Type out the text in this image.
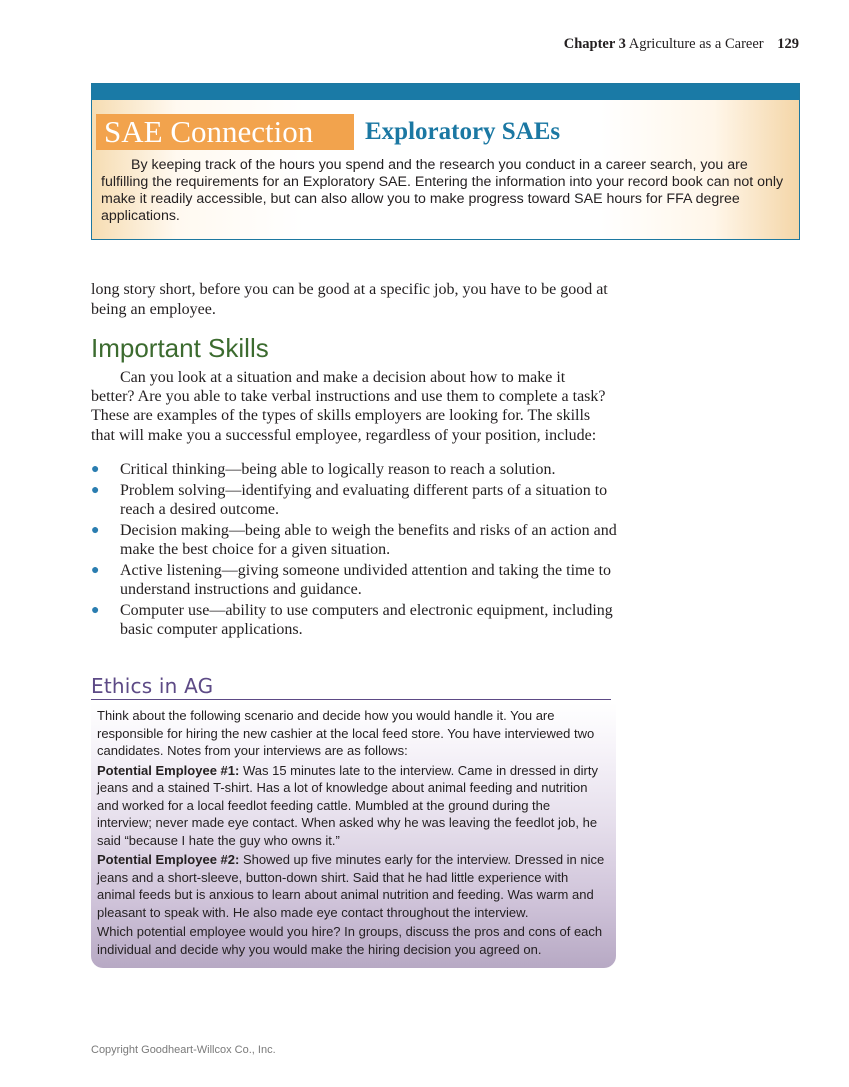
Chapter 3 Agriculture as a Career 129
SAE Connection	Exploratory SAEs

By keeping track of the hours you spend and the research you conduct in a career search, you are fulfilling the requirements for an Exploratory SAE. Entering the information into your record book can not only make it readily accessible, but can also allow you to make progress toward SAE hours for FFA degree applications.

long story short, before you can be good at a specific job, you have to be good at being an employee.

Important Skills

Can you look at a situation and make a decision about how to make it better? Are you able to take verbal instructions and use them to complete a task? These are examples of the types of skills employers are looking for. The skills that will make you a successful employee, regardless of your position, include:

● Critical thinking—being able to logically reason to reach a solution.
● Problem solving—identifying and evaluating different parts of a situation to reach a desired outcome.
● Decision making—being able to weigh the benefits and risks of an action and make the best choice for a given situation.
● Active listening—giving someone undivided attention and taking the time to understand instructions and guidance.
● Computer use—ability to use computers and electronic equipment, including basic computer applications.
Ethics in AG

Think about the following scenario and decide how you would handle it. You are responsible for hiring the new cashier at the local feed store. You have interviewed two candidates. Notes from your interviews are as follows:

Potential Employee #1: Was 15 minutes late to the interview. Came in dressed in dirty jeans and a stained T-shirt. Has a lot of knowledge about animal feeding and nutrition and worked for a local feedlot feeding cattle. Mumbled at the ground during the interview; never made eye contact. When asked why he was leaving the feedlot job, he said “because I hate the guy who owns it.”

Potential Employee #2: Showed up five minutes early for the interview. Dressed in nice jeans and a short-sleeve, button-down shirt. Said that he had little experience with animal feeds but is anxious to learn about animal nutrition and feeding. Was warm and pleasant to speak with. He also made eye contact throughout the interview.

Which potential employee would you hire? In groups, discuss the pros and cons of each individual and decide why you would make the hiring decision you agreed on.

Copyright Goodheart-Willcox Co., Inc.
